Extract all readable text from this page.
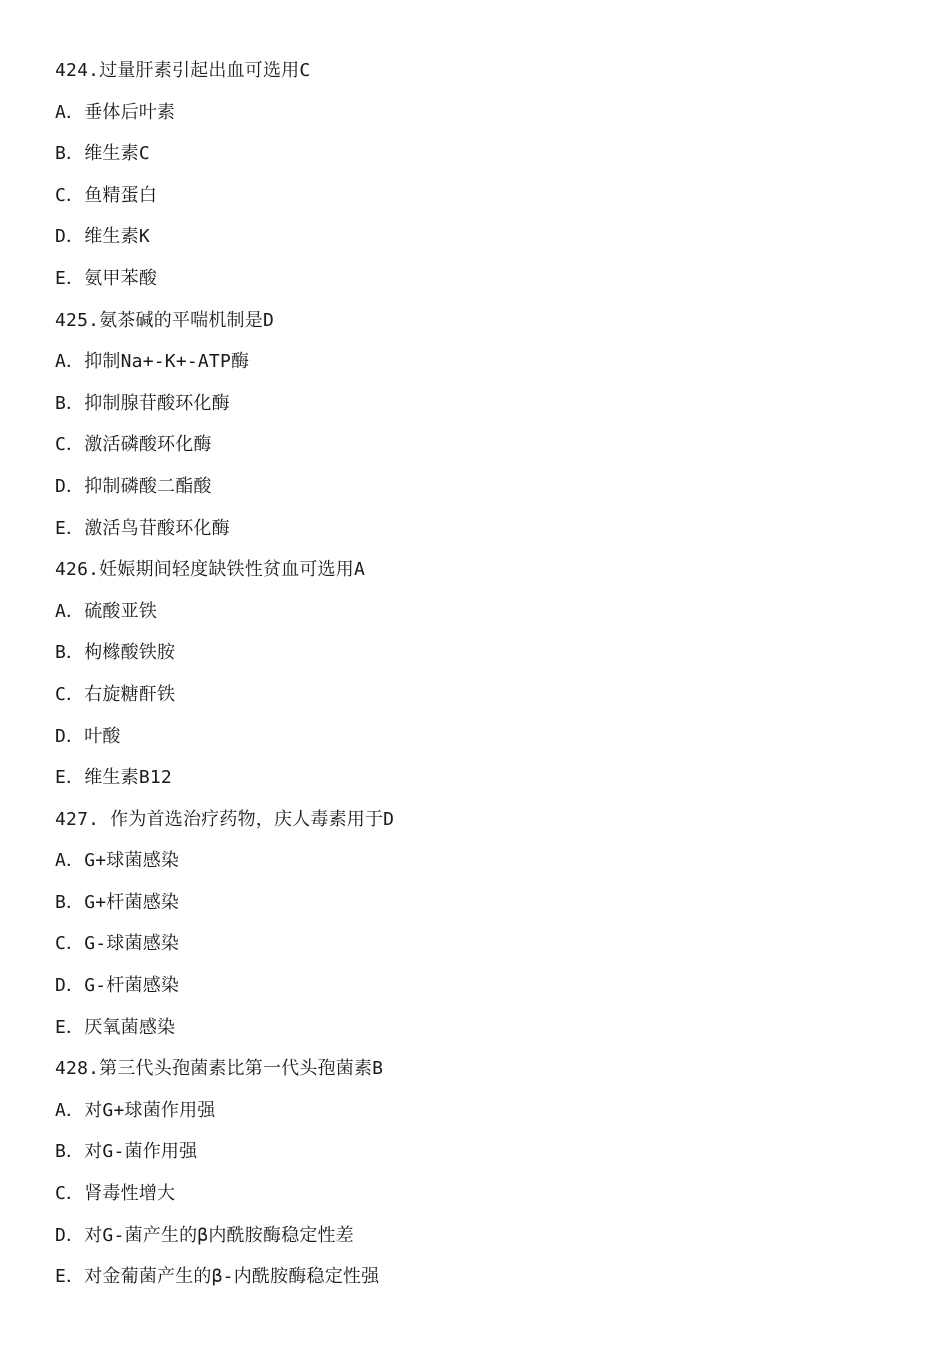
424.过量肝素引起出血可选用C
A．垂体后叶素
B．维生素C
C．鱼精蛋白
D．维生素K
E．氨甲苯酸
425.氨茶碱的平喘机制是D
A．抑制Na+-K+-ATP酶
B．抑制腺苷酸环化酶
C．激活磷酸环化酶
D．抑制磷酸二酯酸
E．激活鸟苷酸环化酶
426.妊娠期间轻度缺铁性贫血可选用A
A．硫酸亚铁
B．枸橼酸铁胺
C．右旋糖酐铁
D．叶酸
E．维生素B12
427. 作为首选治疗药物，庆人毒素用于D
A．G+球菌感染
B．G+杆菌感染
C．G-球菌感染
D．G-杆菌感染
E．厌氧菌感染
428.第三代头孢菌素比第一代头孢菌素B
A．对G+球菌作用强
B．对G-菌作用强
C．肾毒性增大
D．对G-菌产生的β内酰胺酶稳定性差
E．对金葡菌产生的β-内酰胺酶稳定性强
